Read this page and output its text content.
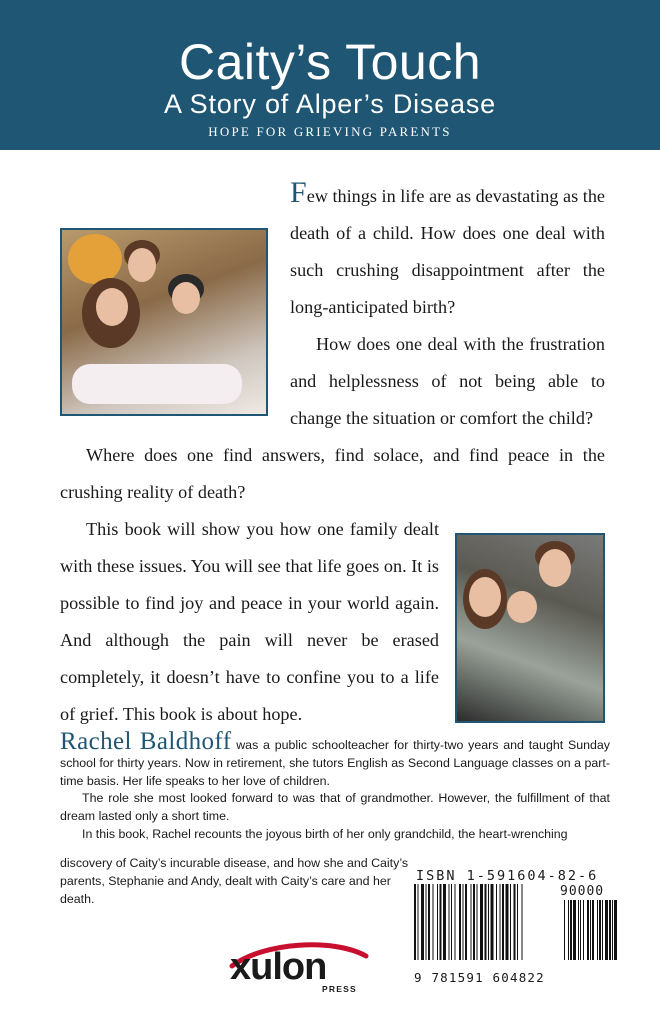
Caity’s Touch
A Story of Alper’s Disease
HOPE FOR GRIEVING PARENTS

Few things in life are as devastating as the death of a child. How does one deal with such crushing disappointment after the long-anticipated birth?

How does one deal with the frustration and helplessness of not being able to change the situation or comfort the child?

Where does one find answers, find solace, and find peace in the crushing reality of death?

This book will show you how one family dealt with these issues. You will see that life goes on. It is possible to find joy and peace in your world again. And although the pain will never be erased completely, it doesn’t have to confine you to a life of grief. This book is about hope.

Rachel Baldhoff was a public schoolteacher for thirty-two years and taught Sunday school for thirty years. Now in retirement, she tutors English as Second Language classes on a part-time basis. Her life speaks to her love of children.

The role she most looked forward to was that of grandmother. However, the fulfillment of that dream lasted only a short time.

In this book, Rachel recounts the joyous birth of her only grandchild, the heart-wrenching

discovery of Caity’s incurable disease, and how she and Caity’s parents, Stephanie and Andy, dealt with Caity’s care and her death.
ISBN 1-591604-82-6
90000
9 781591 604822
xulon
PRESS
